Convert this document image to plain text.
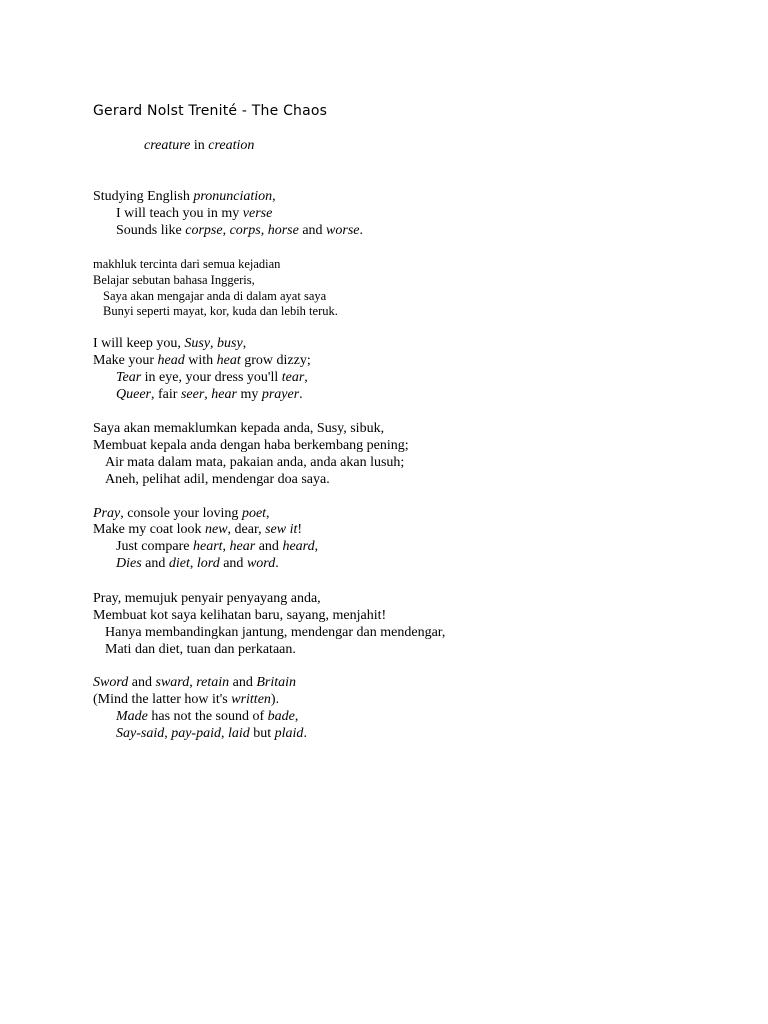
Gerard Nolst Trenité - The Chaos
creature in creation
Studying English pronunciation,
I will teach you in my verse
Sounds like corpse, corps, horse and worse.
makhluk tercinta dari semua kejadian
Belajar sebutan bahasa Inggeris,
Saya akan mengajar anda di dalam ayat saya
Bunyi seperti mayat, kor, kuda dan lebih teruk.
I will keep you, Susy, busy,
Make your head with heat grow dizzy;
Tear in eye, your dress you'll tear,
Queer, fair seer, hear my prayer.
Saya akan memaklumkan kepada anda, Susy, sibuk,
Membuat kepala anda dengan haba berkembang pening;
Air mata dalam mata, pakaian anda, anda akan lusuh;
Aneh, pelihat adil, mendengar doa saya.
Pray, console your loving poet,
Make my coat look new, dear, sew it!
Just compare heart, hear and heard,
Dies and diet, lord and word.
Pray, memujuk penyair penyayang anda,
Membuat kot saya kelihatan baru, sayang, menjahit!
Hanya membandingkan jantung, mendengar dan mendengar,
Mati dan diet, tuan dan perkataan.
Sword and sward, retain and Britain
(Mind the latter how it's written).
Made has not the sound of bade,
Say-said, pay-paid, laid but plaid.
